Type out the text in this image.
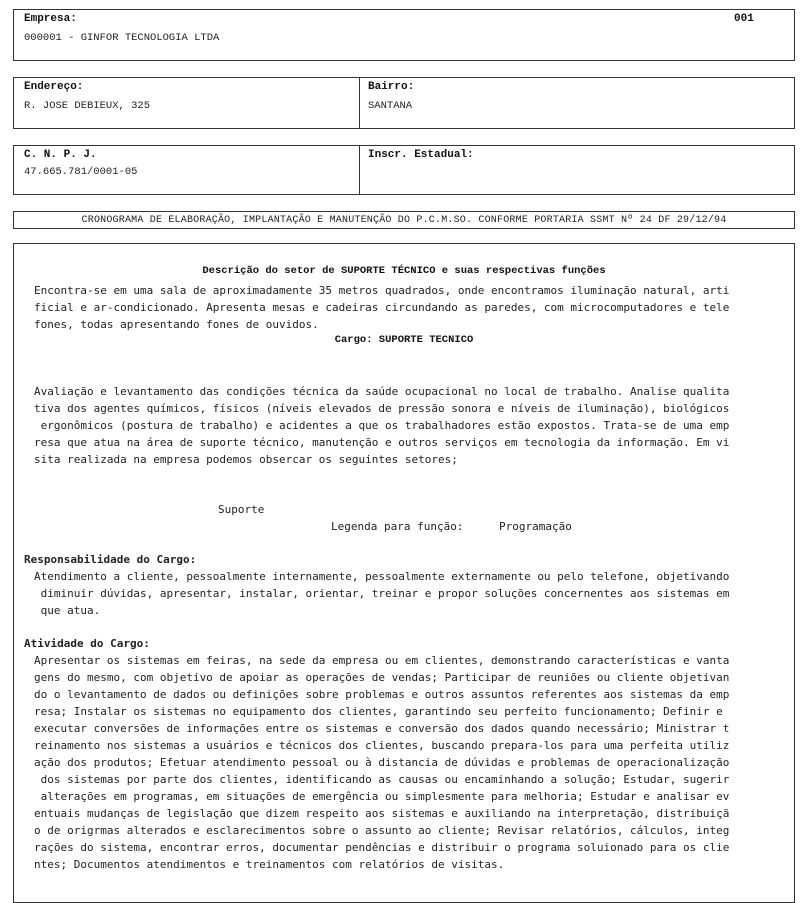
Empresa:	001
000001 - GINFOR TECNOLOGIA LTDA
Endereço:
R. JOSE DEBIEUX, 325
Bairro:
SANTANA
C. N. P. J.
47.665.781/0001-05
Inscr. Estadual:
CRONOGRAMA DE ELABORAÇÃO, IMPLANTAÇÃO E MANUTENÇÃO DO P.C.M.SO. CONFORME PORTARIA SSMT Nº 24 DF 29/12/94
Descrição do setor de SUPORTE TÉCNICO e suas respectivas funções
Encontra-se em uma sala de aproximadamente 35 metros quadrados, onde encontramos iluminação natural, arti
ficial e ar-condicionado. Apresenta mesas e cadeiras circundando as paredes, com microcomputadores e tele
fones, todas apresentando fones de ouvidos.
Cargo: SUPORTE TECNICO
Avaliação e levantamento das condições técnica da saúde ocupacional no local de trabalho. Analise qualita
tiva dos agentes químicos, físicos (níveis elevados de pressão sonora e níveis de iluminação), biológicos
ergonômicos (postura de trabalho) e acidentes a que os trabalhadores estão expostos. Trata-se de uma emp
resa que atua na área de suporte técnico, manutenção e outros serviços em tecnologia da informação. Em vi
sita realizada na empresa podemos obsercar os seguintes setores;
Suporte
Legenda para função:	Programação
Responsabilidade do Cargo:
Atendimento a cliente, pessoalmente internamente, pessoalmente externamente ou pelo telefone, objetivando
diminuir dúvidas, apresentar, instalar, orientar, treinar e propor soluções concernentes aos sistemas em
que atua.
Atividade do Cargo:
Apresentar os sistemas em feiras, na sede da empresa ou em clientes, demonstrando características e vanta
gens do mesmo, com objetivo de apoiar as operações de vendas; Participar de reuniões ou cliente objetivan
do o levantamento de dados ou definições sobre problemas e outros assuntos referentes aos sistemas da emp
resa; Instalar os sistemas no equipamento dos clientes, garantindo seu perfeito funcionamento; Definir e
executar conversões de informações entre os sistemas e conversão dos dados quando necessário; Ministrar t
reinamento nos sistemas a usuários e técnicos dos clientes, buscando prepara-los para uma perfeita utiliz
ação dos produtos; Efetuar atendimento pessoal ou à distancia de dúvidas e problemas de operacionalização
dos sistemas por parte dos clientes, identificando as causas ou encaminhando a solução; Estudar, sugerir
alterações em programas, em situações de emergência ou simplesmente para melhoria; Estudar e analisar ev
entuais mudanças de legislação que dizem respeito aos sistemas e auxiliando na interpretação, distribuiçã
o de origrmas alterados e esclarecimentos sobre o assunto ao cliente; Revisar relatórios, cálculos, integ
rações do sistema, encontrar erros, documentar pendências e distribuir o programa soluionado para os clie
ntes; Documentos atendimentos e treinamentos com relatórios de visitas.
